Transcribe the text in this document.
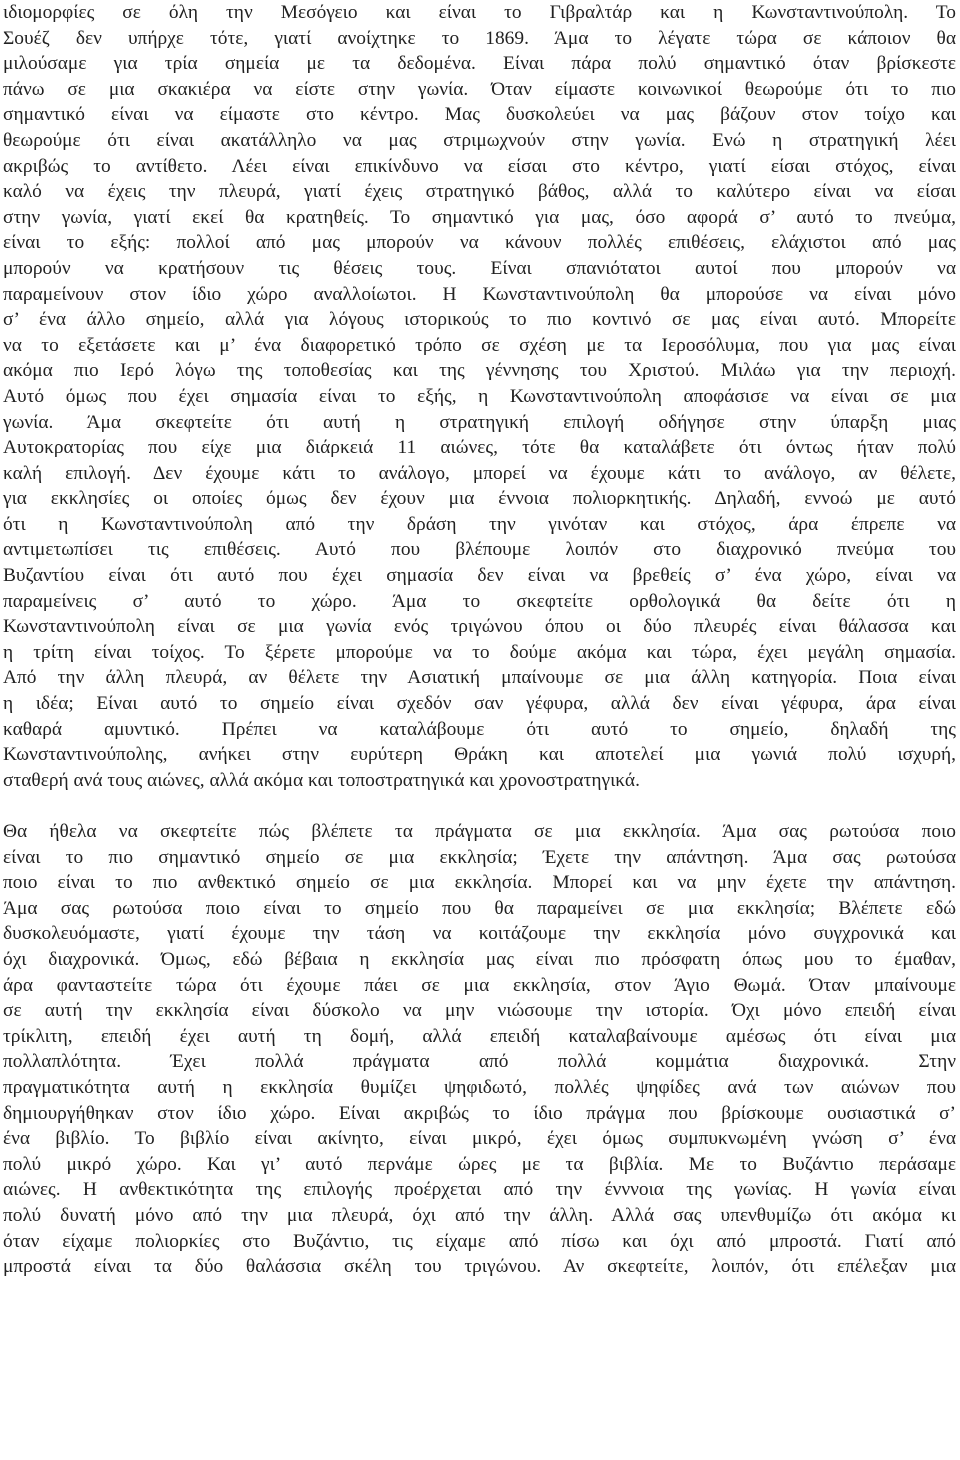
ιδιομορφίες σε όλη την Μεσόγειο και είναι το Γιβραλτάρ και η Κωνσταντινούπολη. Το
Σουέζ δεν υπήρχε τότε, γιατί ανοίχτηκε το 1869. Άμα το λέγατε τώρα σε κάποιον θα
μιλούσαμε για τρία σημεία με τα δεδομένα. Είναι πάρα πολύ σημαντικό όταν βρίσκεστε
πάνω σε μια σκακιέρα να είστε στην γωνία. Όταν είμαστε κοινωνικοί θεωρούμε ότι το πιο
σημαντικό είναι να είμαστε στο κέντρο. Μας δυσκολεύει να μας βάζουν στον τοίχο και
θεωρούμε ότι είναι ακατάλληλο να μας στριμωχνούν στην γωνία. Ενώ η στρατηγική λέει
ακριβώς το αντίθετο. Λέει είναι επικίνδυνο να είσαι στο κέντρο, γιατί είσαι στόχος, είναι
καλό να έχεις την πλευρά, γιατί έχεις στρατηγικό βάθος, αλλά το καλύτερο είναι να είσαι
στην γωνία, γιατί εκεί θα κρατηθείς. Το σημαντικό για μας, όσο αφορά σ’ αυτό το πνεύμα,
είναι το εξής: πολλοί από μας μπορούν να κάνουν πολλές επιθέσεις, ελάχιστοι από μας
μπορούν να κρατήσουν τις θέσεις τους. Είναι σπανιότατοι αυτοί που μπορούν να
παραμείνουν στον ίδιο χώρο αναλλοίωτοι. Η Κωνσταντινούπολη θα μπορούσε να είναι μόνο
σ’ ένα άλλο σημείο, αλλά για λόγους ιστορικούς το πιο κοντινό σε μας είναι αυτό. Μπορείτε
να το εξετάσετε και μ’ ένα διαφορετικό τρόπο σε σχέση με τα Ιεροσόλυμα, που για μας είναι
ακόμα πιο Ιερό λόγω της τοποθεσίας και της γέννησης του Χριστού. Μιλάω για την περιοχή.
Αυτό όμως που έχει σημασία είναι το εξής, η Κωνσταντινούπολη αποφάσισε να είναι σε μια
γωνία. Άμα σκεφτείτε ότι αυτή η στρατηγική επιλογή οδήγησε στην ύπαρξη μιας
Αυτοκρατορίας που είχε μια διάρκειά 11 αιώνες, τότε θα καταλάβετε ότι όντως ήταν πολύ
καλή επιλογή. Δεν έχουμε κάτι το ανάλογο, μπορεί να έχουμε κάτι το ανάλογο, αν θέλετε,
για εκκλησίες οι οποίες όμως δεν έχουν μια έννοια πολιορκητικής. Δηλαδή, εννοώ με αυτό
ότι η Κωνσταντινούπολη από την δράση την γινόταν και στόχος, άρα έπρεπε να
αντιμετωπίσει τις επιθέσεις. Αυτό που βλέπουμε λοιπόν στο διαχρονικό πνεύμα του
Βυζαντίου είναι ότι αυτό που έχει σημασία δεν είναι να βρεθείς σ’ ένα χώρο, είναι να
παραμείνεις σ’ αυτό το χώρο. Άμα το σκεφτείτε ορθολογικά θα δείτε ότι η
Κωνσταντινούπολη είναι σε μια γωνία ενός τριγώνου όπου οι δύο πλευρές είναι θάλασσα και
η τρίτη είναι τοίχος. Το ξέρετε μπορούμε να το δούμε ακόμα και τώρα, έχει μεγάλη σημασία.
Από την άλλη πλευρά, αν θέλετε την Ασιατική μπαίνουμε σε μια άλλη κατηγορία. Ποια είναι
η ιδέα; Είναι αυτό το σημείο είναι σχεδόν σαν γέφυρα, αλλά δεν είναι γέφυρα, άρα είναι
καθαρά αμυντικό. Πρέπει να καταλάβουμε ότι αυτό το σημείο, δηλαδή της
Κωνσταντινούπολης, ανήκει στην ευρύτερη Θράκη και αποτελεί μια γωνιά πολύ ισχυρή,
σταθερή ανά τους αιώνες, αλλά ακόμα και τοποστρατηγικά και χρονοστρατηγικά.
Θα ήθελα να σκεφτείτε πώς βλέπετε τα πράγματα σε μια εκκλησία. Άμα σας ρωτούσα ποιο
είναι το πιο σημαντικό σημείο σε μια εκκλησία; Έχετε την απάντηση. Άμα σας ρωτούσα
ποιο είναι το πιο ανθεκτικό σημείο σε μια εκκλησία. Μπορεί και να μην έχετε την απάντηση.
Άμα σας ρωτούσα ποιο είναι το σημείο που θα παραμείνει σε μια εκκλησία; Βλέπετε εδώ
δυσκολευόμαστε, γιατί έχουμε την τάση να κοιτάζουμε την εκκλησία μόνο συγχρονικά και
όχι διαχρονικά. Όμως, εδώ βέβαια η εκκλησία μας είναι πιο πρόσφατη όπως μου το έμαθαν,
άρα φανταστείτε τώρα ότι έχουμε πάει σε μια εκκλησία, στον Άγιο Θωμά. Όταν μπαίνουμε
σε αυτή την εκκλησία είναι δύσκολο να μην νιώσουμε την ιστορία. Όχι μόνο επειδή είναι
τρίκλιτη, επειδή έχει αυτή τη δομή, αλλά επειδή καταλαβαίνουμε αμέσως ότι είναι μια
πολλαπλότητα. Έχει πολλά πράγματα από πολλά κομμάτια διαχρονικά. Στην
πραγματικότητα αυτή η εκκλησία θυμίζει ψηφιδωτό, πολλές ψηφίδες ανά των αιώνων που
δημιουργήθηκαν στον ίδιο χώρο. Είναι ακριβώς το ίδιο πράγμα που βρίσκουμε ουσιαστικά σ’
ένα βιβλίο. Το βιβλίο είναι ακίνητο, είναι μικρό, έχει όμως συμπυκνωμένη γνώση σ’ ένα
πολύ μικρό χώρο. Και γι’ αυτό περνάμε ώρες με τα βιβλία. Με το Βυζάντιο περάσαμε
αιώνες. Η ανθεκτικότητα της επιλογής προέρχεται από την ένννοια της γωνίας. Η γωνία είναι
πολύ δυνατή μόνο από την μια πλευρά, όχι από την άλλη. Αλλά σας υπενθυμίζω ότι ακόμα κι
όταν είχαμε πολιορκίες στο Βυζάντιο, τις είχαμε από πίσω και όχι από μπροστά. Γιατί από
μπροστά είναι τα δύο θαλάσσια σκέλη του τριγώνου. Αν σκεφτείτε, λοιπόν, ότι επέλεξαν μια
